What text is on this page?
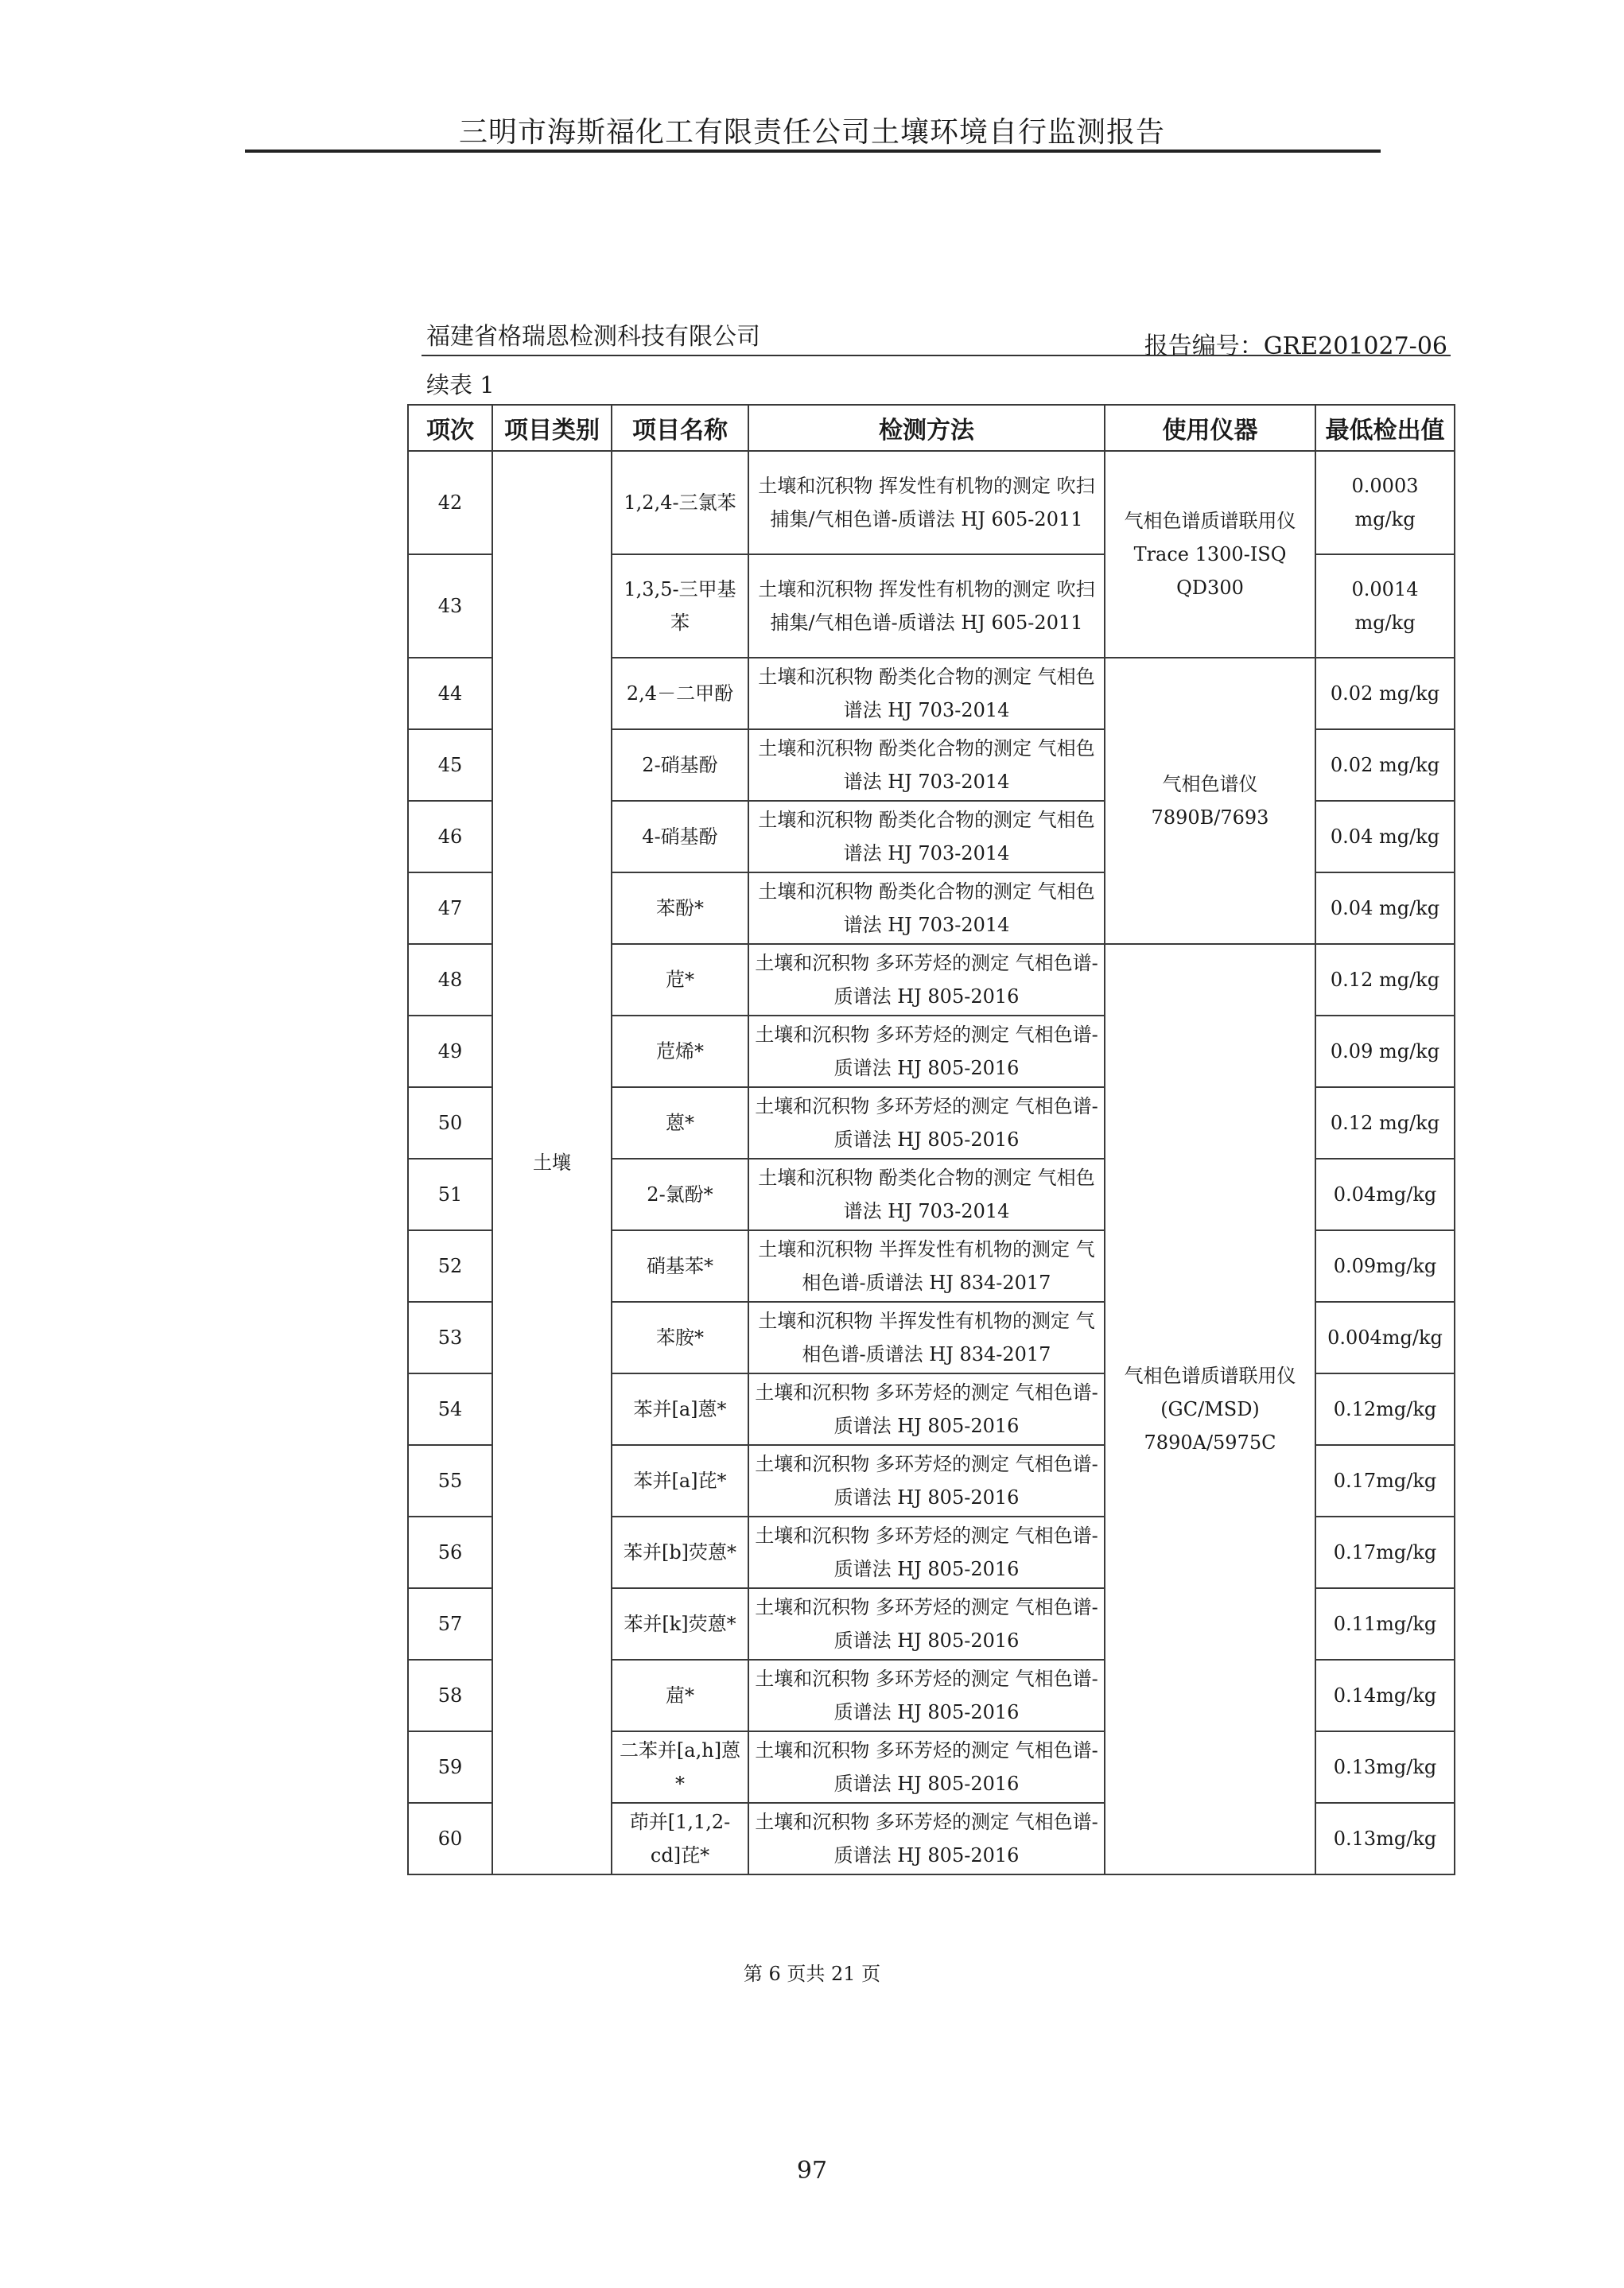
三明市海斯福化工有限责任公司土壤环境自行监测报告
福建省格瑞恩检测科技有限公司	报告编号：GRE201027-06
续表 1
项次	项目类别	项目名称	检测方法	使用仪器	最低检出值
42	土壤	1,2,4-三氯苯	土壤和沉积物 挥发性有机物的测定 吹扫捕集/气相色谱-质谱法 HJ 605-2011	气相色谱质谱联用仪 Trace 1300-ISQ QD300	0.0003 mg/kg
43		1,3,5-三甲基苯	土壤和沉积物 挥发性有机物的测定 吹扫捕集/气相色谱-质谱法 HJ 605-2011		0.0014 mg/kg
44		2,4－二甲酚	土壤和沉积物 酚类化合物的测定 气相色谱法 HJ 703-2014	气相色谱仪 7890B/7693	0.02 mg/kg
45		2-硝基酚	土壤和沉积物 酚类化合物的测定 气相色谱法 HJ 703-2014		0.02 mg/kg
46		4-硝基酚	土壤和沉积物 酚类化合物的测定 气相色谱法 HJ 703-2014		0.04 mg/kg
47		苯酚*	土壤和沉积物 酚类化合物的测定 气相色谱法 HJ 703-2014		0.04 mg/kg
48		苊*	土壤和沉积物 多环芳烃的测定 气相色谱-质谱法 HJ 805-2016	气相色谱质谱联用仪(GC/MSD) 7890A/5975C	0.12 mg/kg
49		苊烯*	土壤和沉积物 多环芳烃的测定 气相色谱-质谱法 HJ 805-2016		0.09 mg/kg
50		蒽*	土壤和沉积物 多环芳烃的测定 气相色谱-质谱法 HJ 805-2016		0.12 mg/kg
51		2-氯酚*	土壤和沉积物 酚类化合物的测定 气相色谱法 HJ 703-2014		0.04mg/kg
52		硝基苯*	土壤和沉积物 半挥发性有机物的测定 气相色谱-质谱法 HJ 834-2017		0.09mg/kg
53		苯胺*	土壤和沉积物 半挥发性有机物的测定 气相色谱-质谱法 HJ 834-2017		0.004mg/kg
54		苯并[a]蒽*	土壤和沉积物 多环芳烃的测定 气相色谱-质谱法 HJ 805-2016		0.12mg/kg
55		苯并[a]芘*	土壤和沉积物 多环芳烃的测定 气相色谱-质谱法 HJ 805-2016		0.17mg/kg
56		苯并[b]荧蒽*	土壤和沉积物 多环芳烃的测定 气相色谱-质谱法 HJ 805-2016		0.17mg/kg
57		苯并[k]荧蒽*	土壤和沉积物 多环芳烃的测定 气相色谱-质谱法 HJ 805-2016		0.11mg/kg
58		䓛*	土壤和沉积物 多环芳烃的测定 气相色谱-质谱法 HJ 805-2016		0.14mg/kg
59		二苯并[a,h]蒽*	土壤和沉积物 多环芳烃的测定 气相色谱-质谱法 HJ 805-2016		0.13mg/kg
60		茚并[1,1,2-cd]芘*	土壤和沉积物 多环芳烃的测定 气相色谱-质谱法 HJ 805-2016		0.13mg/kg
第 6 页共 21 页
97
